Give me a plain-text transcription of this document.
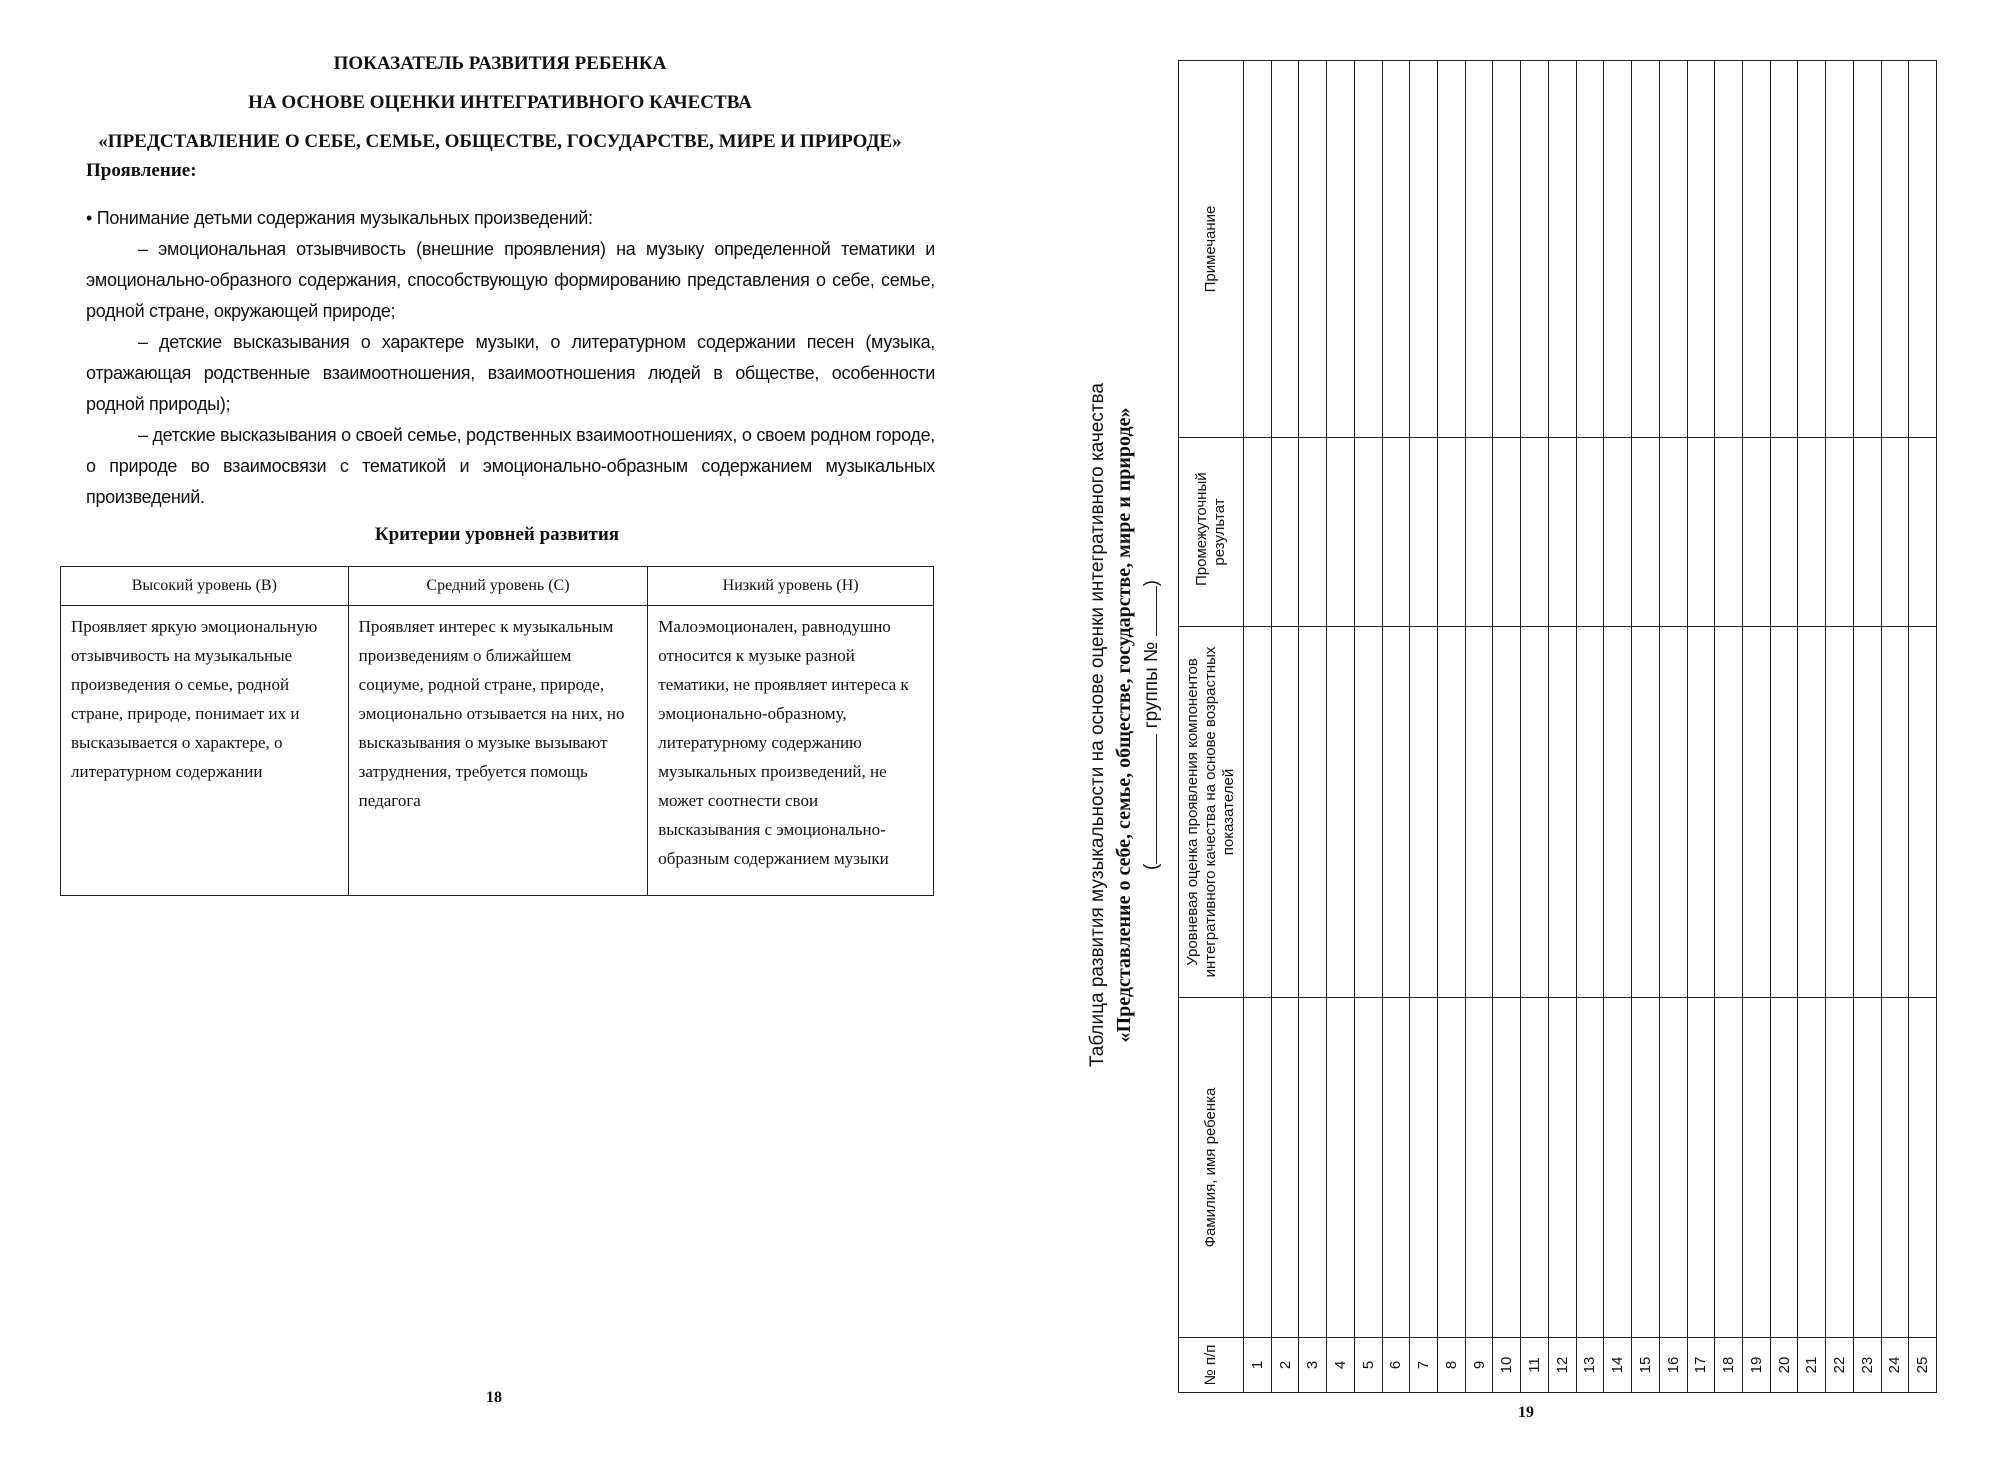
ПОКАЗАТЕЛЬ РАЗВИТИЯ РЕБЕНКА
НА ОСНОВЕ ОЦЕНКИ ИНТЕГРАТИВНОГО КАЧЕСТВА
«ПРЕДСТАВЛЕНИЕ О СЕБЕ, СЕМЬЕ, ОБЩЕСТВЕ, ГОСУДАРСТВЕ, МИРЕ И ПРИРОДЕ»
Проявление:

• Понимание детьми содержания музыкальных произведений:

– эмоциональная отзывчивость (внешние проявления) на музыку определенной тематики и эмоционально-образного содержания, способствующую формированию представления о себе, семье, родной стране, окружающей природе;

– детские высказывания о характере музыки, о литературном содержании песен (музыка, отражающая родственные взаимоотношения, взаимоотношения людей в обществе, особенности родной природы);

– детские высказывания о своей семье, родственных взаимоотношениях, о своем родном городе, о природе во взаимосвязи с тематикой и эмоционально-образным содержанием музыкальных произведений.

Критерии уровней развития
Высокий уровень (В)	Средний уровень (С)	Низкий уровень (Н)
Проявляет яркую эмоциональную отзывчивость на музыкальные произведения о семье, родной стране, природе, понимает их и высказывается о характере, о литературном содержании	Проявляет интерес к музыкальным произведениям о ближайшем социуме, родной стране, природе, эмоционально отзывается на них, но высказывания о музыке вызывают затруднения, требуется помощь педагога	Малоэмоционален, равнодушно относится к музыке разной тематики, не проявляет интереса к эмоционально-образному, литературному содержанию музыкальных произведений, не может соотнести свои высказывания с эмоционально-образным содержанием музыки
18
Таблица развития музыкальности на основе оценки интегративного качества «Представление о себе, семье, обществе, государстве, мире и природе» ( группы № )
№ п/п	Фамилия, имя ребенка	Уровневая оценка проявления компонентов интегративного качества на основе возрастных показателей	Промежуточный результат	Примечание
1				
2				
3				
4				
5				
6				
7				
8				
9				
10				
11				
12				
13				
14				
15				
16				
17				
18				
19				
20				
21				
22				
23				
24				
25				
19
